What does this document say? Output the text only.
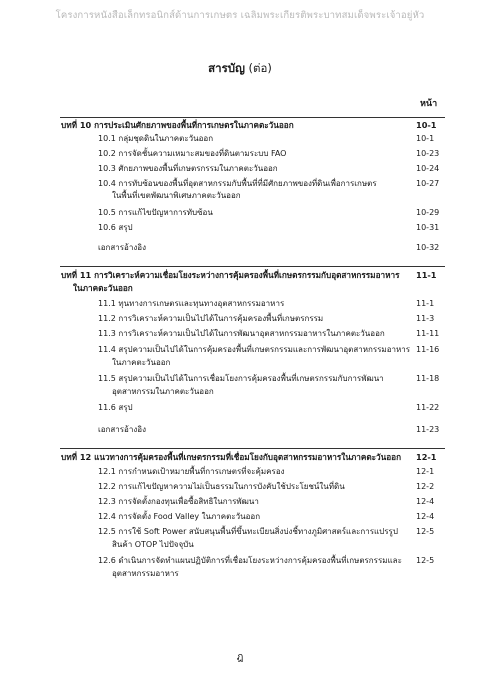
โครงการหนังสือเล็กทรอนิกส์ด้านการเกษตร เฉลิมพระเกียรติพระบาทสมเด็จพระเจ้าอยู่หัว
สารบัญ (ต่อ)
หน้า
บทที่ 10 การประเมินศักยภาพของพื้นที่การเกษตรในภาคตะวันออก	10-1
10.1 กลุ่มชุดดินในภาคตะวันออก	10-1
10.2 การจัดชั้นความเหมาะสมของที่ดินตามระบบ FAO	10-23
10.3 ศักยภาพของพื้นที่เกษตรกรรมในภาคตะวันออก	10-24
10.4 การทับซ้อนของพื้นที่อุตสาหกรรมกับพื้นที่ที่มีศักยภาพของที่ดินเพื่อการเกษตร	10-27
ในพื้นที่เขตพัฒนาพิเศษภาคตะวันออก
10.5 การแก้ไขปัญหาการทับซ้อน	10-29
10.6 สรุป	10-31
เอกสารอ้างอิง	10-32
บทที่ 11 การวิเคราะห์ความเชื่อมโยงระหว่างการคุ้มครองพื้นที่เกษตรกรรมกับอุตสาหกรรมอาหาร 11-1
ในภาคตะวันออก
11.1 ทุนทางการเกษตรและทุนทางอุตสาหกรรมอาหาร	11-1
11.2 การวิเคราะห์ความเป็นไปได้ในการคุ้มครองพื้นที่เกษตรกรรม	11-3
11.3 การวิเคราะห์ความเป็นไปได้ในการพัฒนาอุตสาหกรรมอาหารในภาคตะวันออก	11-11
11.4 สรุปความเป็นไปได้ในการคุ้มครองพื้นที่เกษตรกรรมและการพัฒนาอุตสาหกรรมอาหาร 11-16
ในภาคตะวันออก
11.5 สรุปความเป็นไปได้ในการเชื่อมโยงการคุ้มครองพื้นที่เกษตรกรรมกับการพัฒนา	11-18
อุตสาหกรรมในภาคตะวันออก
11.6 สรุป	11-22
เอกสารอ้างอิง	11-23
บทที่ 12 แนวทางการคุ้มครองพื้นที่เกษตรกรรมที่เชื่อมโยงกับอุตสาหกรรมอาหารในภาคตะวันออก 12-1
12.1 การกำหนดเป้าหมายพื้นที่การเกษตรที่จะคุ้มครอง	12-1
12.2 การแก้ไขปัญหาความไม่เป็นธรรมในการบังคับใช้ประโยชน์ในที่ดิน	12-2
12.3 การจัดตั้งกองทุนเพื่อซื้อสิทธิในการพัฒนา	12-4
12.4 การจัดตั้ง Food Valley ในภาคตะวันออก	12-4
12.5 การใช้ Soft Power สนับสนุนพื้นที่ขึ้นทะเบียนสิ่งบ่งชี้ทางภูมิศาสตร์และการแปรรูป 12-5
สินค้า OTOP ไปปัจจุบัน
12.6 ดำเนินการจัดทำแผนปฏิบัติการที่เชื่อมโยงระหว่างการคุ้มครองพื้นที่เกษตรกรรมและ 12-5
อุตสาหกรรมอาหาร
ฎ
